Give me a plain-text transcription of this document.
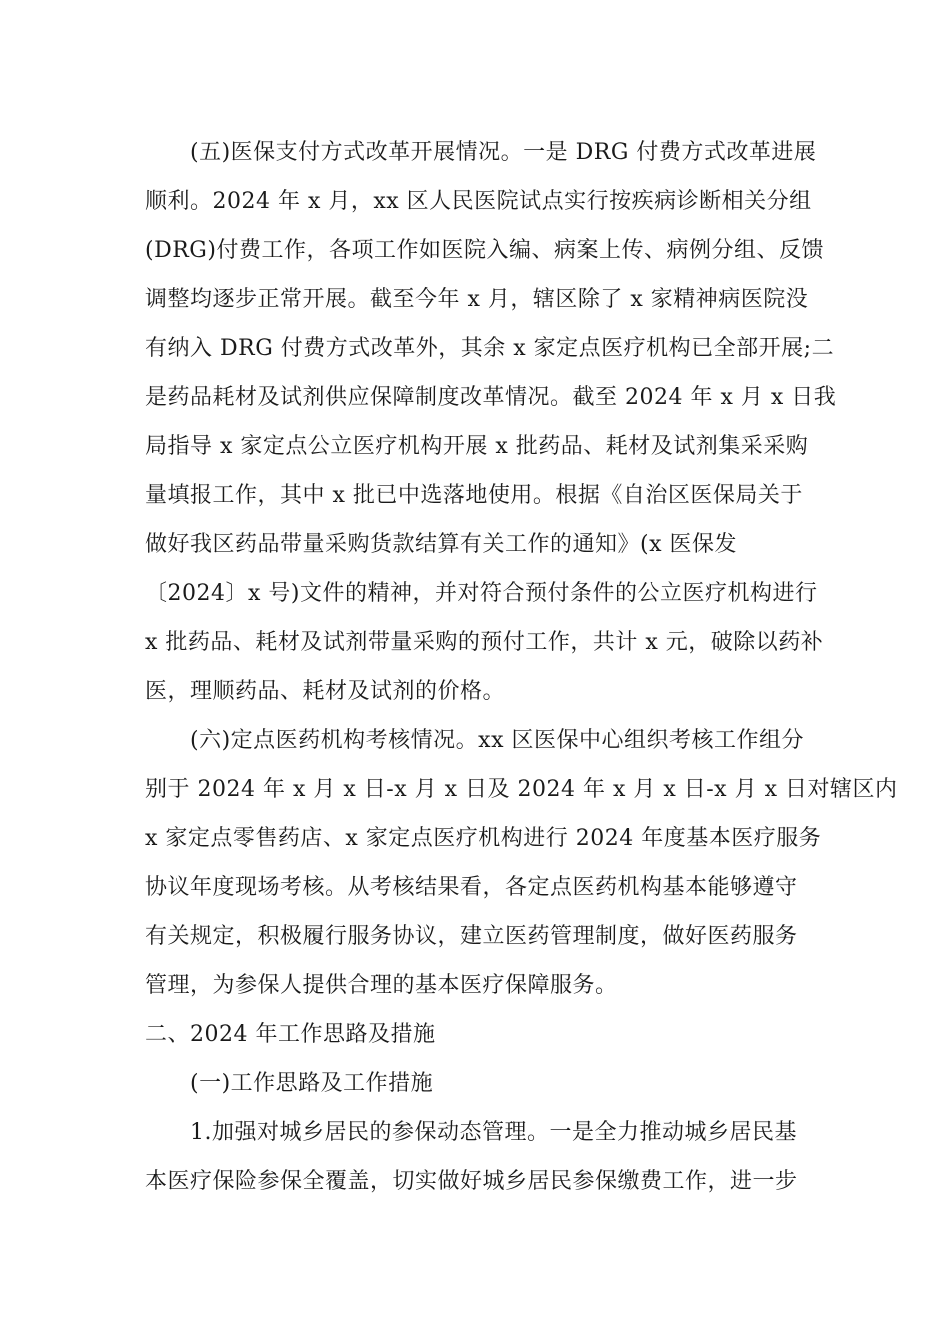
(五)医保支付方式改革开展情况。一是 DRG 付费方式改革进展
顺利。2024 年 x 月，xx 区人民医院试点实行按疾病诊断相关分组
(DRG)付费工作，各项工作如医院入编、病案上传、病例分组、反馈
调整均逐步正常开展。截至今年 x 月，辖区除了 x 家精神病医院没
有纳入 DRG 付费方式改革外，其余 x 家定点医疗机构已全部开展;二
是药品耗材及试剂供应保障制度改革情况。截至 2024 年 x 月 x 日我
局指导 x 家定点公立医疗机构开展 x 批药品、耗材及试剂集采采购
量填报工作，其中 x 批已中选落地使用。根据《自治区医保局关于
做好我区药品带量采购货款结算有关工作的通知》(x 医保发
〔2024〕x 号)文件的精神，并对符合预付条件的公立医疗机构进行
x 批药品、耗材及试剂带量采购的预付工作，共计 x 元，破除以药补
医，理顺药品、耗材及试剂的价格。
(六)定点医药机构考核情况。xx 区医保中心组织考核工作组分
别于 2024 年 x 月 x 日-x 月 x 日及 2024 年 x 月 x 日-x 月 x 日对辖区内
x 家定点零售药店、x 家定点医疗机构进行 2024 年度基本医疗服务
协议年度现场考核。从考核结果看，各定点医药机构基本能够遵守
有关规定，积极履行服务协议，建立医药管理制度，做好医药服务
管理，为参保人提供合理的基本医疗保障服务。
二、2024 年工作思路及措施
(一)工作思路及工作措施
1.加强对城乡居民的参保动态管理。一是全力推动城乡居民基
本医疗保险参保全覆盖，切实做好城乡居民参保缴费工作，进一步
